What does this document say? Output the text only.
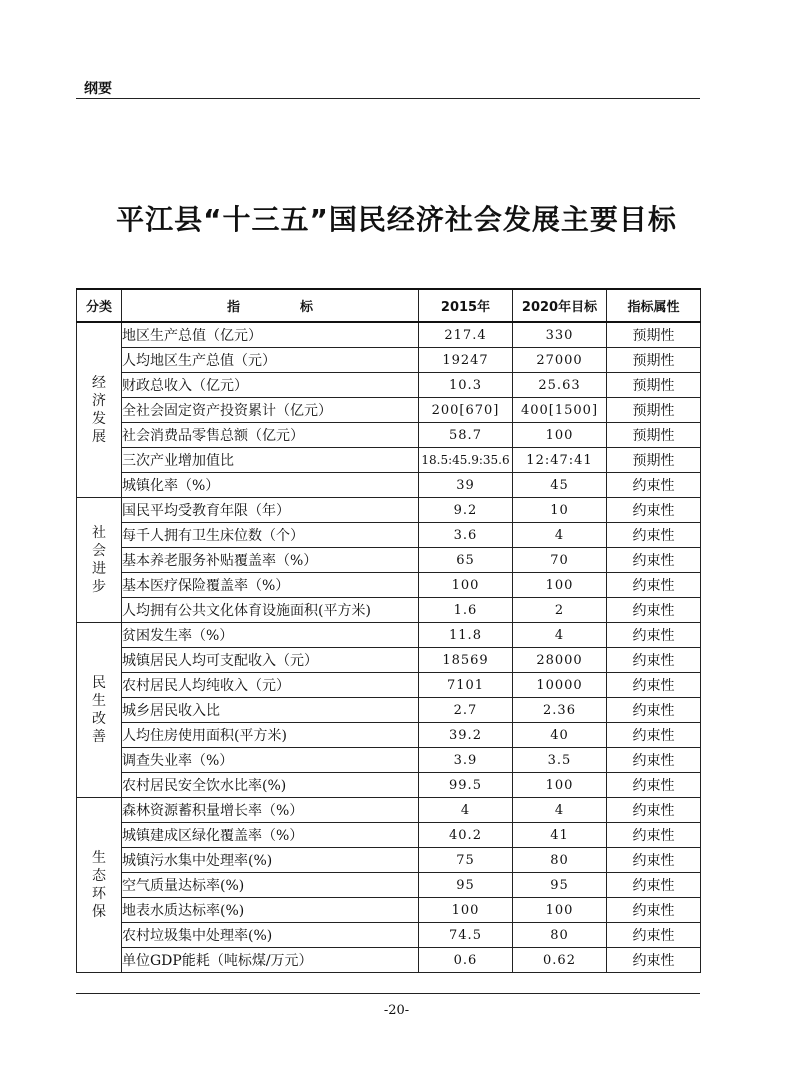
纲要
平江县“十三五”国民经济社会发展主要目标
分类	指标	2015年	2020年目标	指标属性
经济发展	地区生产总值（亿元）	217.4	330	预期性
	人均地区生产总值（元）	19247	27000	预期性
	财政总收入（亿元）	10.3	25.63	预期性
	全社会固定资产投资累计（亿元）	200[670]	400[1500]	预期性
	社会消费品零售总额（亿元）	58.7	100	预期性
	三次产业增加值比	18.5:45.9:35.6	12:47:41	预期性
	城镇化率（%）	39	45	约束性
社会进步	国民平均受教育年限（年）	9.2	10	约束性
	每千人拥有卫生床位数（个）	3.6	4	约束性
	基本养老服务补贴覆盖率（%）	65	70	约束性
	基本医疗保险覆盖率（%）	100	100	约束性
	人均拥有公共文化体育设施面积(平方米)	1.6	2	约束性
民生改善	贫困发生率（%）	11.8	4	约束性
	城镇居民人均可支配收入（元）	18569	28000	约束性
	农村居民人均纯收入（元）	7101	10000	约束性
	城乡居民收入比	2.7	2.36	约束性
	人均住房使用面积(平方米)	39.2	40	约束性
	调查失业率（%）	3.9	3.5	约束性
	农村居民安全饮水比率(%)	99.5	100	约束性
生态环保	森林资源蓄积量增长率（%）	4	4	约束性
	城镇建成区绿化覆盖率（%）	40.2	41	约束性
	城镇污水集中处理率(%)	75	80	约束性
	空气质量达标率(%)	95	95	约束性
	地表水质达标率(%)	100	100	约束性
	农村垃圾集中处理率(%)	74.5	80	约束性
	单位GDP能耗（吨标煤/万元）	0.6	0.62	约束性
-20-
